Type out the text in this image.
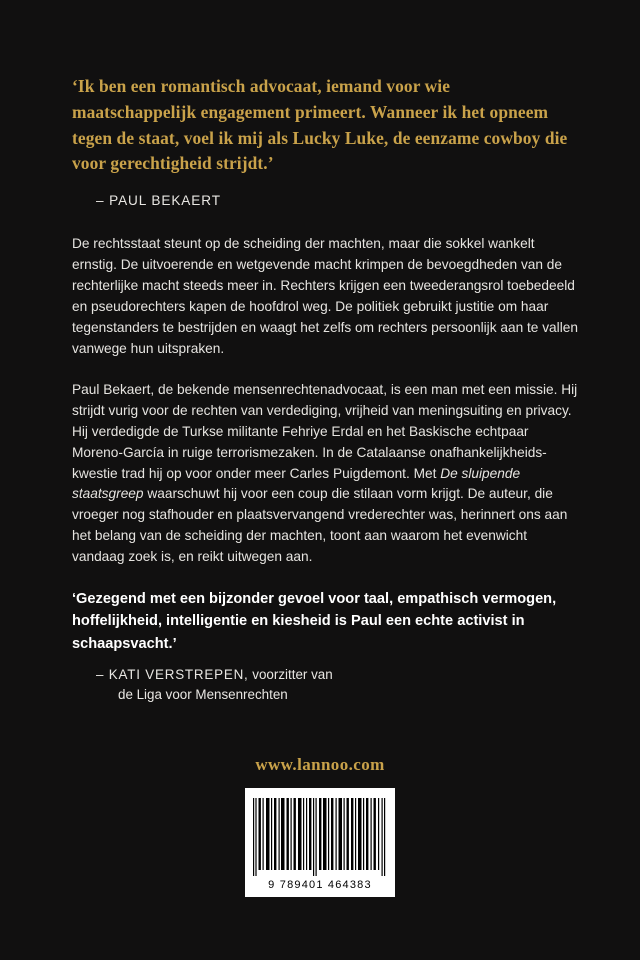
‘Ik ben een romantisch advocaat, iemand voor wie maatschappelijk engagement primeert. Wanneer ik het opneem tegen de staat, voel ik mij als Lucky Luke, de eenzame cowboy die voor gerechtigheid strijdt.’

– PAUL BEKAERT

De rechtsstaat steunt op de scheiding der machten, maar die sokkel wankelt ernstig. De uitvoerende en wetgevende macht krimpen de bevoegdheden van de rechterlijke macht steeds meer in. Rechters krijgen een tweederangsrol toebedeeld en pseudorechters kapen de hoofdrol weg. De politiek gebruikt justitie om haar tegenstanders te bestrijden en waagt het zelfs om rechters persoonlijk aan te vallen vanwege hun uitspraken.

Paul Bekaert, de bekende mensenrechtenadvocaat, is een man met een missie. Hij strijdt vurig voor de rechten van verdediging, vrijheid van meningsuiting en privacy. Hij verdedigde de Turkse militante Fehriye Erdal en het Baskische echtpaar Moreno-García in ruige terrorismezaken. In de Catalaanse onafhankelijkheids-kwestie trad hij op voor onder meer Carles Puigdemont. Met De sluipende staatsgreep waarschuwt hij voor een coup die stilaan vorm krijgt. De auteur, die vroeger nog stafhouder en plaatsvervangend vrederechter was, herinnert ons aan het belang van de scheiding der machten, toont aan waarom het evenwicht vandaag zoek is, en reikt uitwegen aan.

‘Gezegend met een bijzonder gevoel voor taal, empathisch vermogen, hoffelijkheid, intelligentie en kiesheid is Paul een echte activist in schaapsvacht.’

– KATI VERSTREPEN, voorzitter van
de Liga voor Mensenrechten

www.lannoo.com
9 789401 464383
